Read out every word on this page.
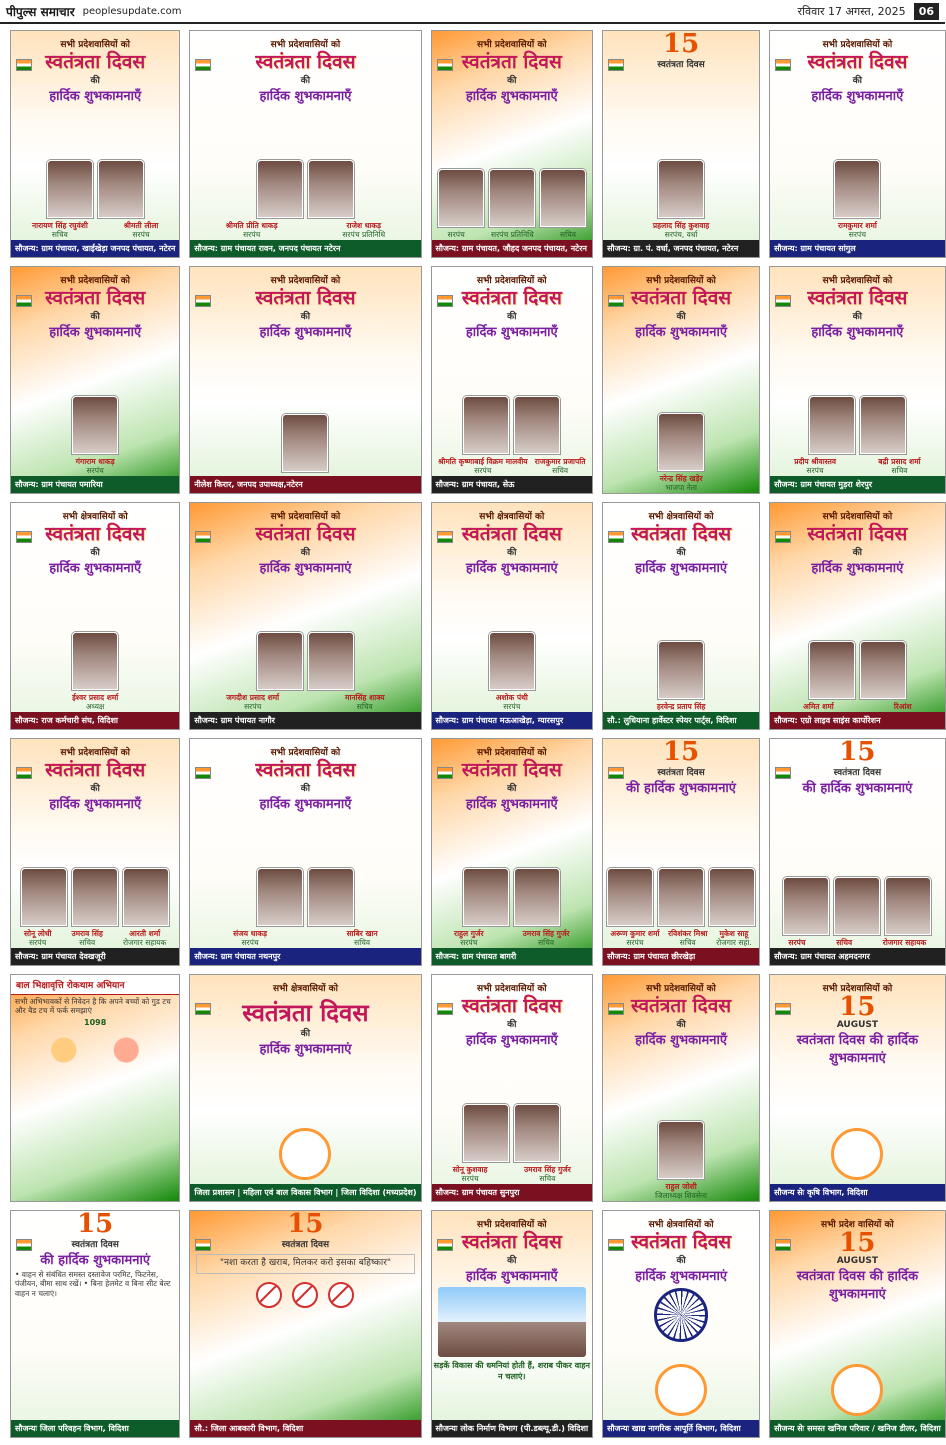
पीपुल्स समाचार peoplesupdate.com	रविवार 17 अगस्त, 2025	06
सभी प्रदेशवासियों को
स्वतंत्रता दिवस
की
हार्दिक शुभकामनाएँ
नारायण सिंह रघुवंशी
सचिव
श्रीमती लीला
सरपंच
सौजन्य: ग्राम पंचायत, खाईखेड़ा जनपद पंचायत, नटेरन
सभी प्रदेशवासियों को
स्वतंत्रता दिवस
की
हार्दिक शुभकामनाएँ
श्रीमति प्रीति धाकड़
सरपंच
राजेश धाकड़
सरपंच प्रतिनिधि
सौजन्य: ग्राम पंचायत रावन, जनपद पंचायत नटेरन
सभी प्रदेशवासियों को
स्वतंत्रता दिवस
की
हार्दिक शुभकामनाएँ
सरपंच	सरपंच प्रतिनिधि	सचिव
सौजन्य: ग्राम पंचायत, जौहद जनपद पंचायत, नटेरन
15
स्वतंत्रता दिवस
प्रहलाद सिंह कुशवाह
सरपंच, वर्धा
सौजन्य: ग्रा. पं. वर्धा, जनपद पंचायत, नटेरन
सभी प्रदेशवासियों को
स्वतंत्रता दिवस
की
हार्दिक शुभकामनाएँ
रामकुमार शर्मा
सरपंच
सौजन्य: ग्राम पंचायत सांगुल
सभी प्रदेशवासियों को
स्वतंत्रता दिवस
की
हार्दिक शुभकामनाएँ
गंगाराम धाकड़
सरपंच
सौजन्य: ग्राम पंचायत पमारिया
सभी प्रदेशवासियों को
स्वतंत्रता दिवस
की
हार्दिक शुभकामनाएँ
नीलेश किरार, जनपद उपाध्यक्ष,नटेरन
सभी प्रदेशवासियों को
स्वतंत्रता दिवस
की
हार्दिक शुभकामनाएँ
श्रीमति कृष्णाबाई विक्रम मालवीय
सरपंच
राजकुमार प्रजापति
सचिव
सौजन्य: ग्राम पंचायत, सेऊ
सभी प्रदेशवासियों को
स्वतंत्रता दिवस
की
हार्दिक शुभकामनाएँ
नरेन्द्र सिंह खड़ेर
भाजपा नेता
सभी प्रदेशवासियों को
स्वतंत्रता दिवस
की
हार्दिक शुभकामनाएँ
प्रदीप श्रीवास्तव
सरपंच
बद्री प्रसाद शर्मा
सचिव
सौजन्य: ग्राम पंचायत मुड़रा शेरपुर
सभी क्षेत्रवासियों को
स्वतंत्रता दिवस
की
हार्दिक शुभकामनाएँ
ईश्वर प्रसाद शर्मा
अध्यक्ष
सौजन्य: राज कर्मचारी संघ, विदिशा
सभी प्रदेशवासियों को
स्वतंत्रता दिवस
की
हार्दिक शुभकामनाएं
जगदीश प्रसाद शर्मा
सरपंच
मानसिंह शाक्य
सचिव
सौजन्य: ग्राम पंचायत नागौर
सभी क्षेत्रवासियों को
स्वतंत्रता दिवस
की
हार्दिक शुभकामनाएं
अशोक पंथी
सरपंच
सौजन्य: ग्राम पंचायत मऊआखेड़ा, ग्यारसपुर
सभी क्षेत्रवासियों को
स्वतंत्रता दिवस
की
हार्दिक शुभकामनाएं
हरवेन्द्र प्रताप सिंह
सौ.: लुधियाना हार्वेस्टर स्पेयर पार्ट्स, विदिशा
सभी प्रदेशवासियों को
स्वतंत्रता दिवस
की
हार्दिक शुभकामनाएं
अमित शर्मा	रिआंश
सौजन्य: एग्रो लाइव साइंस कार्पोरेशन
सभी प्रदेशवासियों को
स्वतंत्रता दिवस
की
हार्दिक शुभकामनाएँ
सोनू लोधी
सरपंच
उमराव सिंह
सचिव
आरती शर्मा
रोजगार सहायक
सौजन्य: ग्राम पंचायत देवखजूरी
सभी प्रदेशवासियों को
स्वतंत्रता दिवस
की
हार्दिक शुभकामनाएँ
संजय धाकड़
सरपंच
साबिर खान
सचिव
सौजन्य: ग्राम पंचायत नथनपुर
सभी प्रदेशवासियों को
स्वतंत्रता दिवस
की
हार्दिक शुभकामनाएँ
राहुल गुर्जर
सरपंच
उमराव सिंह गुर्जर
सचिव
सौजन्य: ग्राम पंचायत बागरी
15
स्वतंत्रता दिवस
की हार्दिक शुभकामनाएं
अरूण कुमार शर्मा
सरपंच
रविशंकर मिश्रा
सचिव
मुकेश साहू
रोजगार सहा.
सौजन्य: ग्राम पंचायत छीरखेड़ा
15
स्वतंत्रता दिवस
की हार्दिक शुभकामनाएं
सरपंच	सचिव	रोजगार सहायक
सौजन्य: ग्राम पंचायत अहमदनगर
बाल भिक्षावृत्ति रोकथाम अभियान
सभी अभिभावकों से निवेदन है कि अपने बच्चों को गुड टच और बैड टच में फर्क समझाएं
1098
सभी क्षेत्रवासियों को
स्वतंत्रता दिवस
की
हार्दिक शुभकामनाएं
जिला प्रशासन | महिला एवं बाल विकास विभाग | जिला विदिशा (मध्यप्रदेश)
सभी प्रदेशवासियों को
स्वतंत्रता दिवस
की
हार्दिक शुभकामनाएँ
सोनू कुशवाह
सरपंच
उमराव सिंह गुर्जर
सचिव
सौजन्य: ग्राम पंचायत सुनपुरा
सभी प्रदेशवासियों को
स्वतंत्रता दिवस
की
हार्दिक शुभकामनाएँ
राहुल जोशी
जिलाध्यक्ष शिवसेना
सभी प्रदेशवासियों को
15
AUGUST
स्वतंत्रता दिवस की हार्दिक शुभकामनाएं
सौजन्य सेः कृषि विभाग, विदिशा
15
स्वतंत्रता दिवस
की हार्दिक शुभकामनाएं
• वाहन से संबंधित समस्त दस्तावेज परमिट, फिटनेस, पंजीयन, बीमा साथ रखें। • बिना हेलमेट व बिना सीट बेल्ट वाहन न चलाएं।
सौजन्यः जिला परिवहन विभाग, विदिशा
15
स्वतंत्रता दिवस
"नशा करता है खराब, मिलकर करो इसका बहिष्कार"
सौ.: जिला आबकारी विभाग, विदिशा
सभी प्रदेशवासियों को
स्वतंत्रता दिवस
की
हार्दिक शुभकामनाएँ
सड़कें विकास की धमनियां होती हैं, शराब पीकर वाहन न चलाएं।
सौजन्यः लोक निर्माण विभाग (पी.डब्ल्यू.डी.) विदिशा
सभी क्षेत्रवासियों को
स्वतंत्रता दिवस
की
हार्दिक शुभकामनाएं
सौजन्यः खाद्य नागरिक आपूर्ति विभाग, विदिशा
सभी प्रदेश वासियों को
15
AUGUST
स्वतंत्रता दिवस की हार्दिक शुभकामनाएं
सौजन्य सेः समस्त खनिज परिवार / खनिज डीलर, विदिशा
